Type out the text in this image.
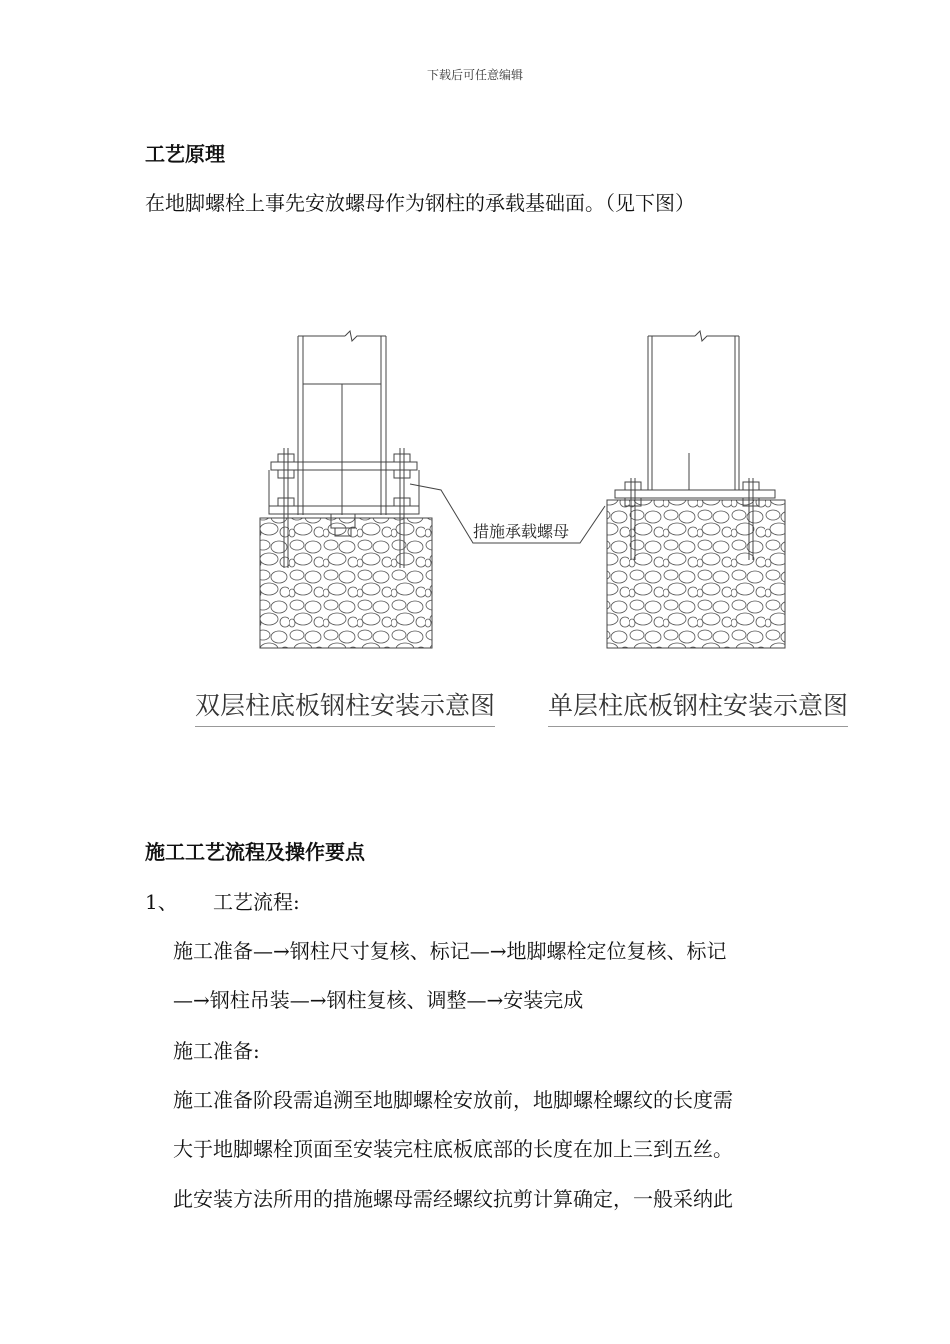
下载后可任意编辑
工艺原理
在地脚螺栓上事先安放螺母作为钢柱的承载基础面。（见下图）
措施承载螺母
双层柱底板钢柱安装示意图 单层柱底板钢柱安装示意图
施工工艺流程及操作要点
1、 工艺流程:
施工准备—→钢柱尺寸复核、标记—→地脚螺栓定位复核、标记
—→钢柱吊装—→钢柱复核、调整—→安装完成
施工准备:
施工准备阶段需追溯至地脚螺栓安放前，地脚螺栓螺纹的长度需
大于地脚螺栓顶面至安装完柱底板底部的长度在加上三到五丝。
此安装方法所用的措施螺母需经螺纹抗剪计算确定，一般采纳此
